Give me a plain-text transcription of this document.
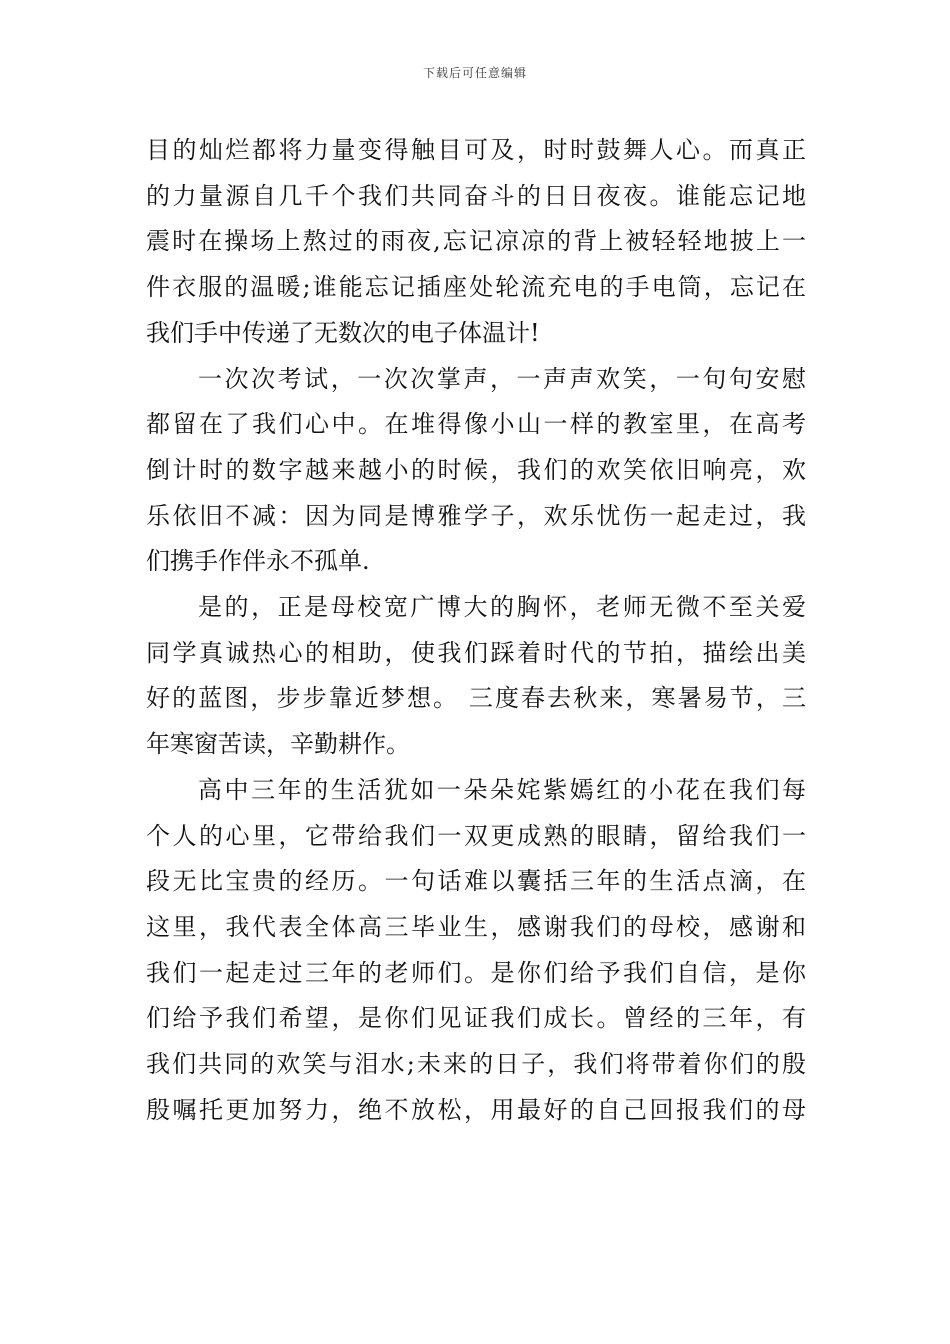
下载后可任意编辑
目的灿烂都将力量变得触目可及，时时鼓舞人心。而真正
的力量源自几千个我们共同奋斗的日日夜夜。谁能忘记地
震时在操场上熬过的雨夜,忘记凉凉的背上被轻轻地披上一
件衣服的温暖;谁能忘记插座处轮流充电的手电筒，忘记在
我们手中传递了无数次的电子体温计!
一次次考试，一次次掌声，一声声欢笑，一句句安慰
都留在了我们心中。在堆得像小山一样的教室里，在高考
倒计时的数字越来越小的时候，我们的欢笑依旧响亮，欢
乐依旧不减：因为同是博雅学子，欢乐忧伤一起走过，我
们携手作伴永不孤单.
是的，正是母校宽广博大的胸怀，老师无微不至关爱
同学真诚热心的相助，使我们踩着时代的节拍，描绘出美
好的蓝图，步步靠近梦想。 三度春去秋来，寒暑易节，三
年寒窗苦读，辛勤耕作。
高中三年的生活犹如一朵朵姹紫嫣红的小花在我们每
个人的心里，它带给我们一双更成熟的眼睛，留给我们一
段无比宝贵的经历。一句话难以囊括三年的生活点滴，在
这里，我代表全体高三毕业生，感谢我们的母校，感谢和
我们一起走过三年的老师们。是你们给予我们自信，是你
们给予我们希望，是你们见证我们成长。曾经的三年，有
我们共同的欢笑与泪水;未来的日子，我们将带着你们的殷
殷嘱托更加努力，绝不放松，用最好的自己回报我们的母
